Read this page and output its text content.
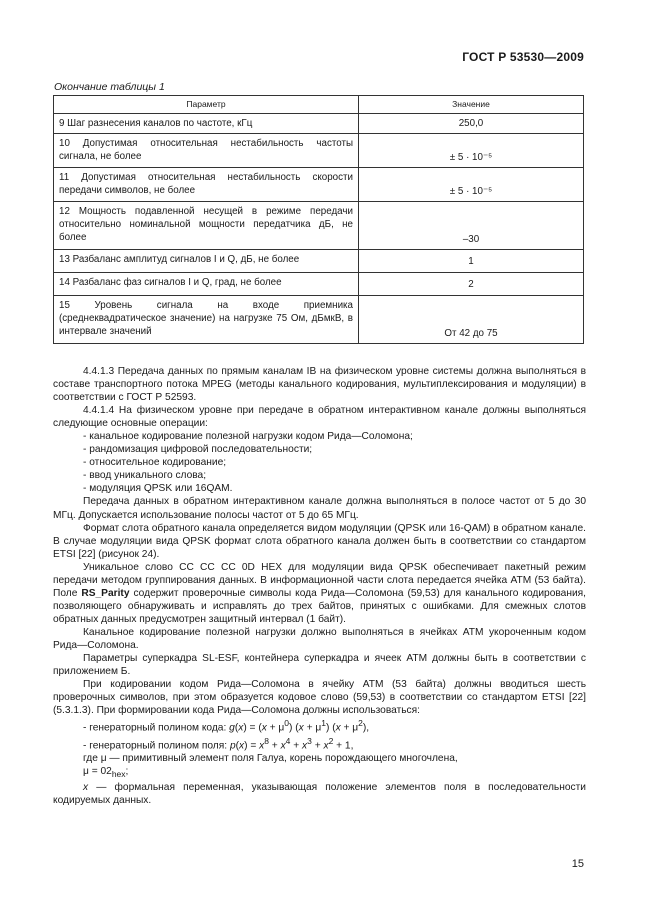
ГОСТ Р 53530—2009
Окончание таблицы 1
Параметр	Значение
9 Шаг разнесения каналов по частоте, кГц	250,0
10 Допустимая относительная нестабильность частоты сигнала, не более	± 5 · 10⁻⁵
11 Допустимая относительная нестабильность скорости передачи символов, не более	± 5 · 10⁻⁵
12 Мощность подавленной несущей в режиме передачи относительно номинальной мощности передатчика дБ, не более	–30
13 Разбаланс амплитуд сигналов I и Q, дБ, не более	1
14 Разбаланс фаз сигналов I и Q, град, не более	2
15 Уровень сигнала на входе приемника (среднеквадратическое значение) на нагрузке 75 Ом, дБмкВ, в интервале значений	От 42 до 75

4.4.1.3 Передача данных по прямым каналам IB на физическом уровне системы должна выполняться в составе транспортного потока MPEG (методы канального кодирования, мультиплексирования и модуляции) в соответствии с ГОСТ Р 52593.

4.4.1.4 На физическом уровне при передаче в обратном интерактивном канале должны выполняться следующие основные операции:

- канальное кодирование полезной нагрузки кодом Рида—Соломона;

- рандомизация цифровой последовательности;

- относительное кодирование;

- ввод уникального слова;

- модуляция QPSK или 16QAM.

Передача данных в обратном интерактивном канале должна выполняться в полосе частот от 5 до 30 МГц. Допускается использование полосы частот от 5 до 65 МГц.

Формат слота обратного канала определяется видом модуляции (QPSK или 16-QAM) в обратном канале. В случае модуляции вида QPSK формат слота обратного канала должен быть в соответствии со стандартом ETSI [22] (рисунок 24).

Уникальное слово CC CC CC 0D HEX для модуляции вида QPSK обеспечивает пакетный режим передачи методом группирования данных. В информационной части слота передается ячейка ATM (53 байта). Поле RS_Parity содержит проверочные символы кода Рида—Соломона (59,53) для канального кодирования, позволяющего обнаруживать и исправлять до трех байтов, принятых с ошибками. Для смежных слотов обратных данных предусмотрен защитный интервал (1 байт).

Канальное кодирование полезной нагрузки должно выполняться в ячейках ATM укороченным кодом Рида—Соломона.

Параметры суперкадра SL-ESF, контейнера суперкадра и ячеек ATM должны быть в соответствии с приложением Б.

При кодировании кодом Рида—Соломона в ячейку ATM (53 байта) должны вводиться шесть проверочных символов, при этом образуется кодовое слово (59,53) в соответствии со стандартом ETSI [22] (5.3.1.3). При формировании кода Рида—Соломона должны использоваться:

- генераторный полином кода: $g(x) = (x + \mu^0)$ $(x + \mu^1)$ $(x + \mu^2)$,

- генераторный полином поля: $p(x) = x^8 + x^4 + x^3 + x^2 + 1$,

где μ — примитивный элемент поля Галуа, корень порождающего многочлена,

$\mu = 02_{hex}$;

x — формальная переменная, указывающая положение элементов поля в последовательности кодируемых данных.

15
